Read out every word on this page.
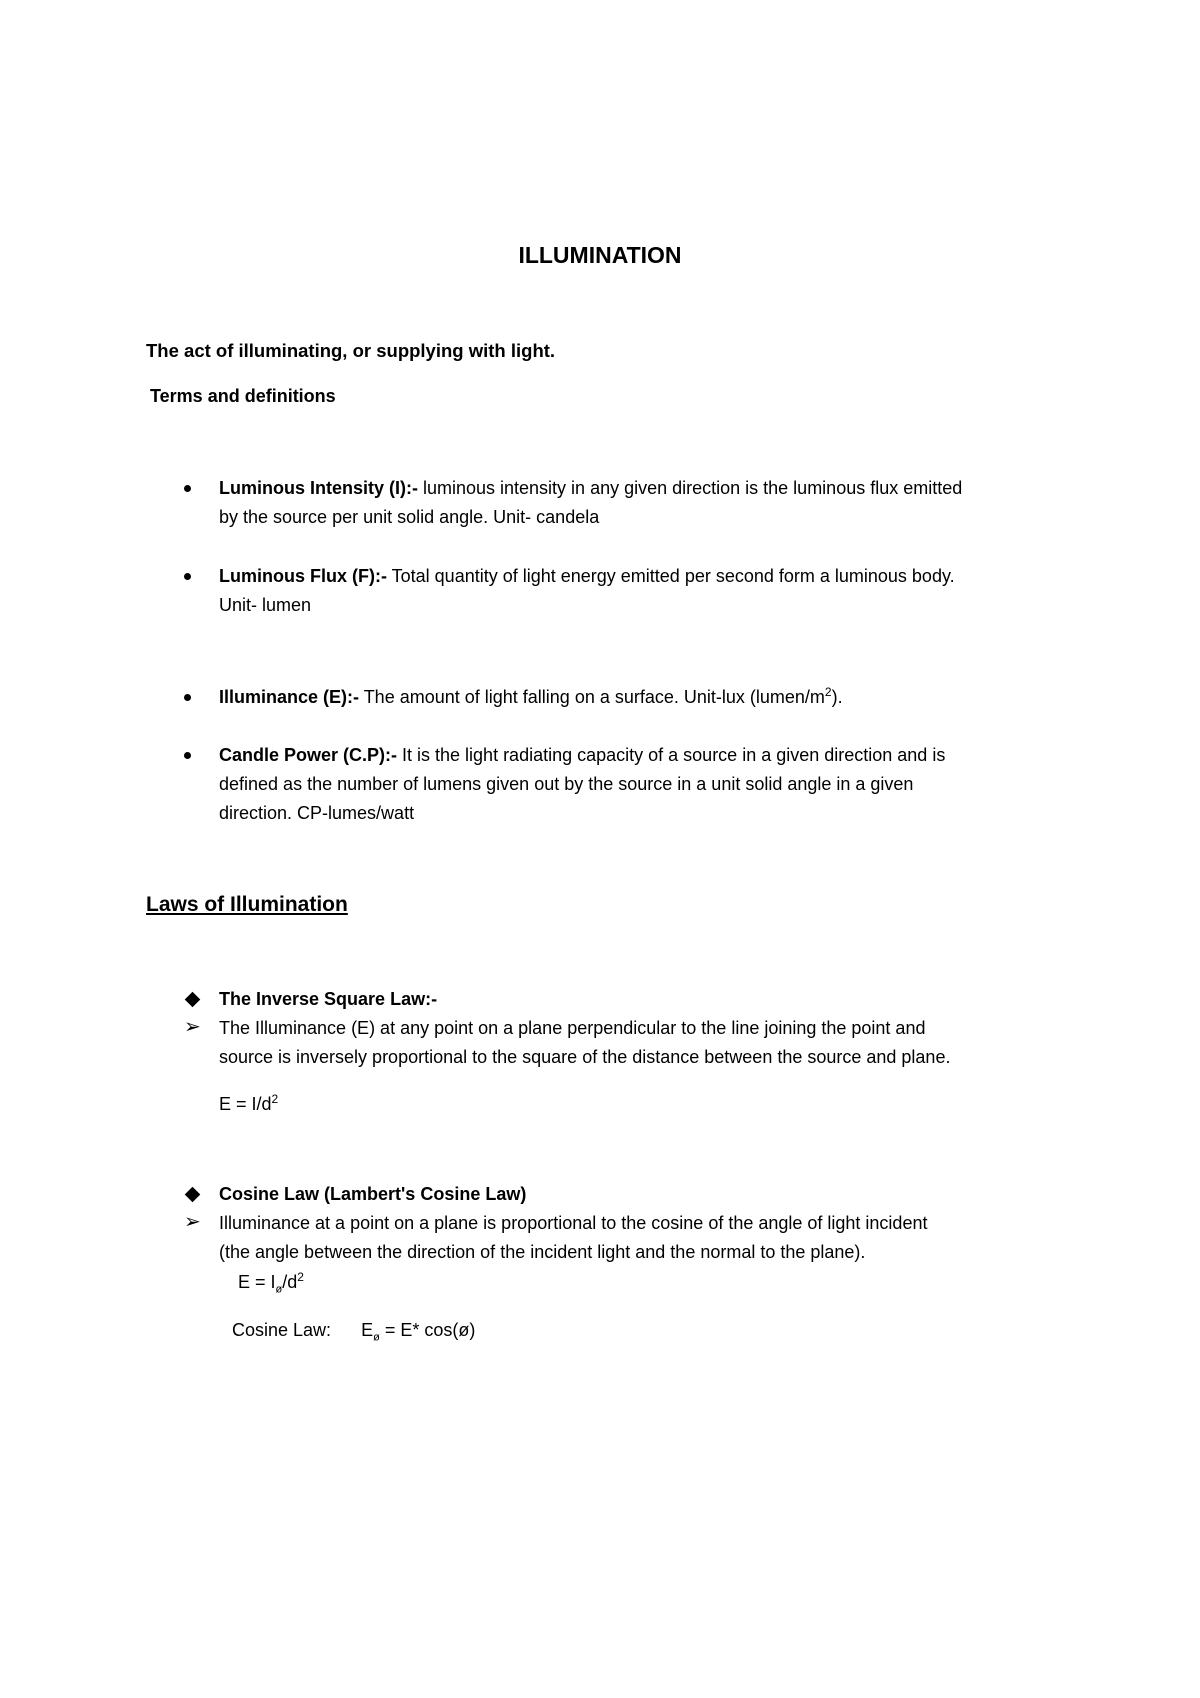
ILLUMINATION
The act of illuminating, or supplying with light.
Terms and definitions
Luminous Intensity (I):- luminous intensity in any given direction is the luminous flux emitted
by the source per unit solid angle. Unit- candela
Luminous Flux (F):- Total quantity of light energy emitted per second form a luminous body.
Unit- lumen
Illuminance (E):- The amount of light falling on a surface. Unit-lux $(lumen/m^2)$.
Candle Power (C.P):- It is the light radiating capacity of a source in a given direction and is
defined as the number of lumens given out by the source in a unit solid angle in a given
direction. CP-lumes/watt
Laws of Illumination
The Inverse Square Law:-
➢ The Illuminance (E) at any point on a plane perpendicular to the line joining the point and
source is inversely proportional to the square of the distance between the source and plane.
$E = I/d^2$
Cosine Law (Lambert's Cosine Law)
➢ Illuminance at a point on a plane is proportional to the cosine of the angle of light incident
(the angle between the direction of the incident light and the normal to the plane).
$E = I_ø/d^2$
Cosine Law: $E_ø = E*$ cos(ø)
